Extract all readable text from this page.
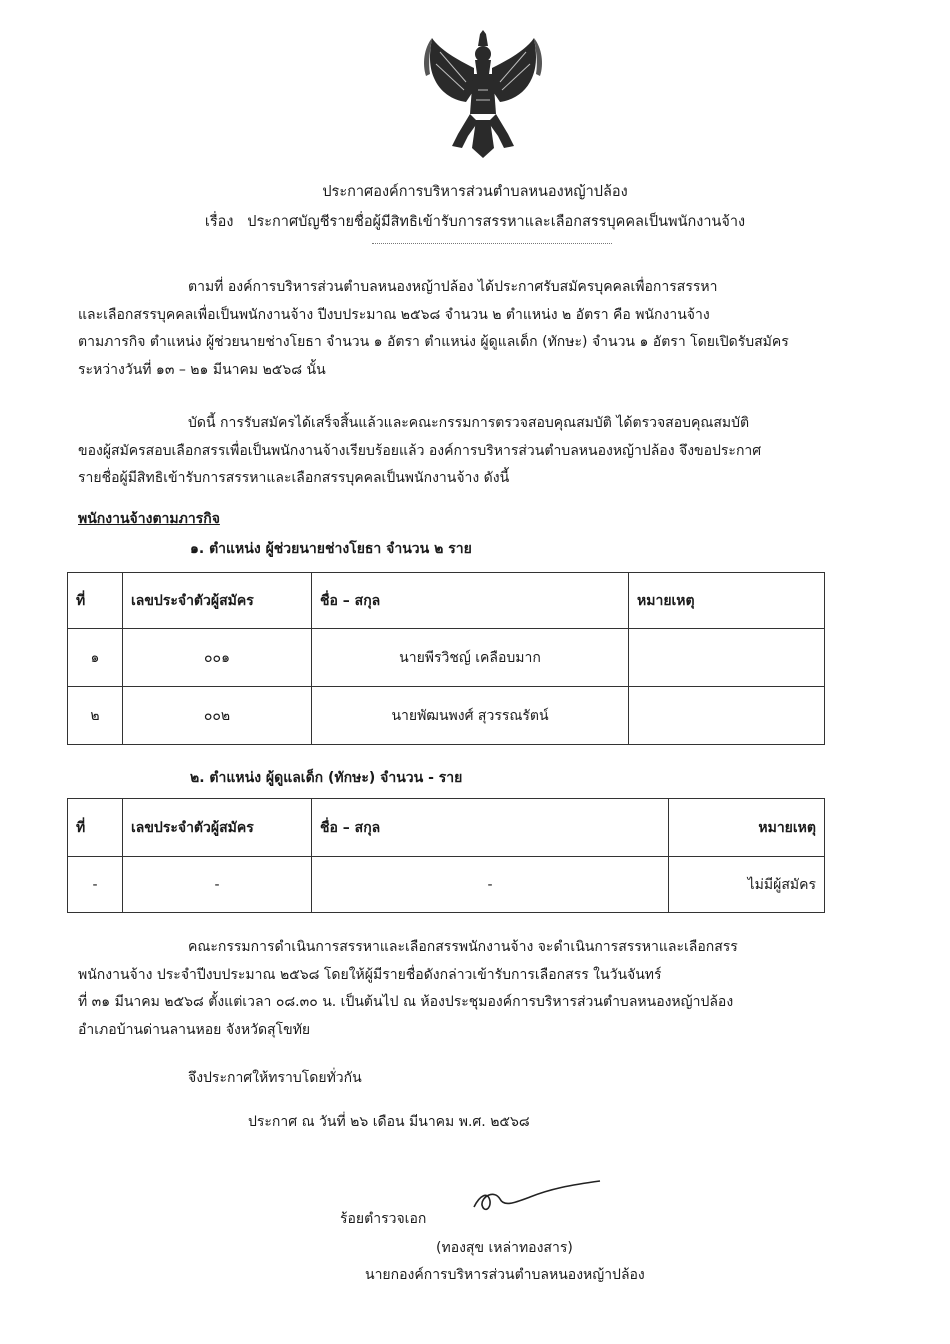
ประกาศองค์การบริหารส่วนตำบลหนองหญ้าปล้อง
เรื่อง ประกาศบัญชีรายชื่อผู้มีสิทธิเข้ารับการสรรหาและเลือกสรรบุคคลเป็นพนักงานจ้าง
ตามที่ องค์การบริหารส่วนตำบลหนองหญ้าปล้อง ได้ประกาศรับสมัครบุคคลเพื่อการสรรหา
และเลือกสรรบุคคลเพื่อเป็นพนักงานจ้าง ปีงบประมาณ ๒๕๖๘ จำนวน ๒ ตำแหน่ง ๒ อัตรา คือ พนักงานจ้าง
ตามภารกิจ ตำแหน่ง ผู้ช่วยนายช่างโยธา จำนวน ๑ อัตรา ตำแหน่ง ผู้ดูแลเด็ก (ทักษะ) จำนวน ๑ อัตรา โดยเปิดรับสมัคร
ระหว่างวันที่ ๑๓ – ๒๑ มีนาคม ๒๕๖๘ นั้น
บัดนี้ การรับสมัครได้เสร็จสิ้นแล้วและคณะกรรมการตรวจสอบคุณสมบัติ ได้ตรวจสอบคุณสมบัติ
ของผู้สมัครสอบเลือกสรรเพื่อเป็นพนักงานจ้างเรียบร้อยแล้ว องค์การบริหารส่วนตำบลหนองหญ้าปล้อง จึงขอประกาศ
รายชื่อผู้มีสิทธิเข้ารับการสรรหาและเลือกสรรบุคคลเป็นพนักงานจ้าง ดังนี้
พนักงานจ้างตามภารกิจ
๑. ตำแหน่ง ผู้ช่วยนายช่างโยธา จำนวน ๒ ราย
ที่	เลขประจำตัวผู้สมัคร	ชื่อ – สกุล	หมายเหตุ
๑	๐๐๑	นายพีรวิชญ์ เคลือบมาก	
๒	๐๐๒	นายพัฒนพงศ์ สุวรรณรัตน์	
๒. ตำแหน่ง ผู้ดูแลเด็ก (ทักษะ) จำนวน - ราย
ที่	เลขประจำตัวผู้สมัคร	ชื่อ – สกุล	หมายเหตุ
-	-	-	ไม่มีผู้สมัคร
คณะกรรมการดำเนินการสรรหาและเลือกสรรพนักงานจ้าง จะดำเนินการสรรหาและเลือกสรร
พนักงานจ้าง ประจำปีงบประมาณ ๒๕๖๘ โดยให้ผู้มีรายชื่อดังกล่าวเข้ารับการเลือกสรร ในวันจันทร์
ที่ ๓๑ มีนาคม ๒๕๖๘ ตั้งแต่เวลา ๐๘.๓๐ น. เป็นต้นไป ณ ห้องประชุมองค์การบริหารส่วนตำบลหนองหญ้าปล้อง
อำเภอบ้านด่านลานหอย จังหวัดสุโขทัย
จึงประกาศให้ทราบโดยทั่วกัน
ประกาศ ณ วันที่ ๒๖ เดือน มีนาคม พ.ศ. ๒๕๖๘
ร้อยตำรวจเอก
(ทองสุข เหล่าทองสาร)
นายกองค์การบริหารส่วนตำบลหนองหญ้าปล้อง
